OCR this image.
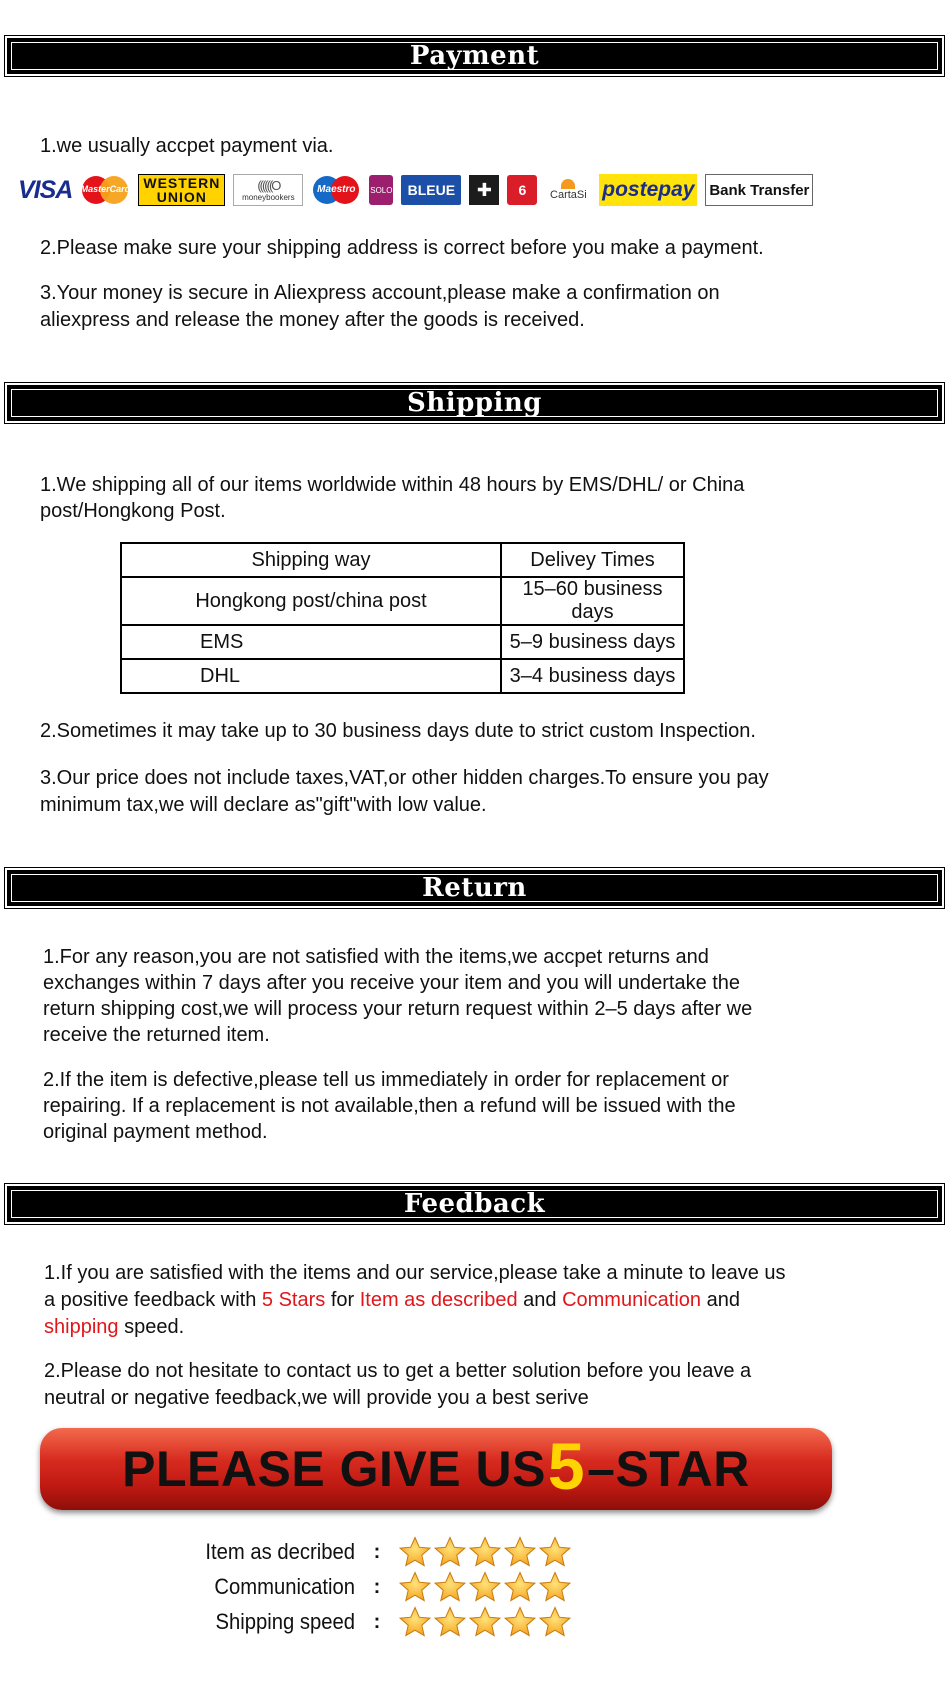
Payment
1.we usually accpet payment via.
VISA MasterCard WESTERN
UNION
((((((O
moneybookers
Maestro	SOLO	BLEUE	✚	6	CartaSi postepay Bank Transfer
2.Please make sure your shipping address is correct before you make a payment.
3.Your money is secure in Aliexpress account,please make a confirmation on
aliexpress and release the money after the goods is received.
Shipping
1.We shipping all of our items worldwide within 48 hours by EMS/DHL/ or China
post/Hongkong Post.
Shipping way	Delivey Times
Hongkong post/china post	15–60 business days
EMS	5–9 business days
DHL	3–4 business days
2.Sometimes it may take up to 30 business days dute to strict custom Inspection.
3.Our price does not include taxes,VAT,or other hidden charges.To ensure you pay
minimum tax,we will declare as"gift"with low value.
Return
1.For any reason,you are not satisfied with the items,we accpet returns and
exchanges within 7 days after you receive your item and you will undertake the
return shipping cost,we will process your return request within 2–5 days after we
receive the returned item.
2.If the item is defective,please tell us immediately in order for replacement or
repairing. If a replacement is not available,then a refund will be issued with the
original payment method.
Feedback
1.If you are satisfied with the items and our service,please take a minute to leave us
a positive feedback with 5 Stars for Item as described and Communication and
shipping speed.
2.Please do not hesitate to contact us to get a better solution before you leave a
neutral or negative feedback,we will provide you a best serive
PLEASE GIVE US 5 –STAR
Item as decribed :
Communication :
Shipping speed :
